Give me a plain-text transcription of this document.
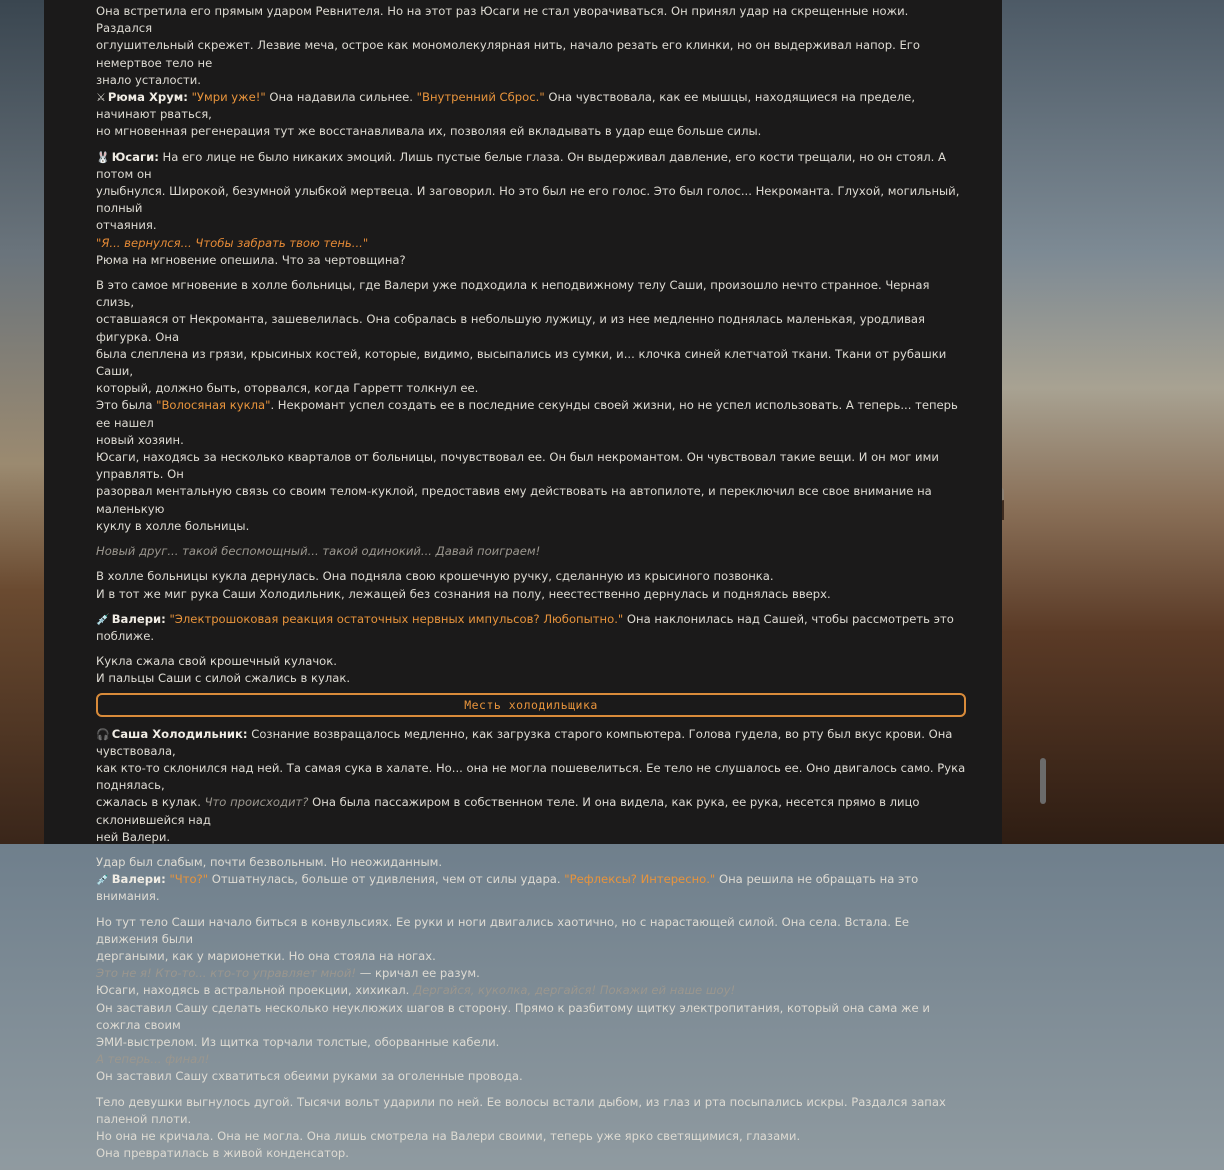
Она встретила его прямым ударом Ревнителя. Но на этот раз Юсаги не стал уворачиваться. Он принял удар на скрещенные ножи. Раздался
оглушительный скрежет. Лезвие меча, острое как мономолекулярная нить, начало резать его клинки, но он выдерживал напор. Его немертвое тело не
знало усталости.
⚔ Рюма Хрум: "Умри уже!" Она надавила сильнее. "Внутренний Сброс." Она чувствовала, как ее мышцы, находящиеся на пределе, начинают рваться,
но мгновенная регенерация тут же восстанавливала их, позволяя ей вкладывать в удар еще больше силы.

🐰 Юсаги: На его лице не было никаких эмоций. Лишь пустые белые глаза. Он выдерживал давление, его кости трещали, но он стоял. А потом он
улыбнулся. Широкой, безумной улыбкой мертвеца. И заговорил. Но это был не его голос. Это был голос... Некроманта. Глухой, могильный, полный
отчаяния.
"Я... вернулся... Чтобы забрать твою тень..."
Рюма на мгновение опешила. Что за чертовщина?

В это самое мгновение в холле больницы, где Валери уже подходила к неподвижному телу Саши, произошло нечто странное. Черная слизь,
оставшаяся от Некроманта, зашевелилась. Она собралась в небольшую лужицу, и из нее медленно поднялась маленькая, уродливая фигурка. Она
была слеплена из грязи, крысиных костей, которые, видимо, высыпались из сумки, и... клочка синей клетчатой ткани. Ткани от рубашки Саши,
который, должно быть, оторвался, когда Гарретт толкнул ее.
Это была "Волосяная кукла". Некромант успел создать ее в последние секунды своей жизни, но не успел использовать. А теперь... теперь ее нашел
новый хозяин.
Юсаги, находясь за несколько кварталов от больницы, почувствовал ее. Он был некромантом. Он чувствовал такие вещи. И он мог ими управлять. Он
разорвал ментальную связь со своим телом-куклой, предоставив ему действовать на автопилоте, и переключил все свое внимание на маленькую
куклу в холле больницы.

Новый друг... такой беспомощный... такой одинокий... Давай поиграем!

В холле больницы кукла дернулась. Она подняла свою крошечную ручку, сделанную из крысиного позвонка.
И в тот же миг рука Саши Холодильник, лежащей без сознания на полу, неестественно дернулась и поднялась вверх.

💉 Валери: "Электрошоковая реакция остаточных нервных импульсов? Любопытно." Она наклонилась над Сашей, чтобы рассмотреть это поближе.

Кукла сжала свой крошечный кулачок.
И пальцы Саши с силой сжались в кулак.

Месть холодильщика

🎧 Саша Холодильник: Сознание возвращалось медленно, как загрузка старого компьютера. Голова гудела, во рту был вкус крови. Она чувствовала,
как кто-то склонился над ней. Та самая сука в халате. Но... она не могла пошевелиться. Ее тело не слушалось ее. Оно двигалось само. Рука поднялась,
сжалась в кулак. Что происходит? Она была пассажиром в собственном теле. И она видела, как рука, ее рука, несется прямо в лицо склонившейся над
ней Валери.

Удар был слабым, почти безвольным. Но неожиданным.
💉 Валери: "Что?" Отшатнулась, больше от удивления, чем от силы удара. "Рефлексы? Интересно." Она решила не обращать на это внимания.

Но тут тело Саши начало биться в конвульсиях. Ее руки и ноги двигались хаотично, но с нарастающей силой. Она села. Встала. Ее движения были
дергаными, как у марионетки. Но она стояла на ногах.
Это не я! Кто-то... кто-то управляет мной! — кричал ее разум.
Юсаги, находясь в астральной проекции, хихикал. Дергайся, куколка, дергайся! Покажи ей наше шоу!
Он заставил Сашу сделать несколько неуклюжих шагов в сторону. Прямо к разбитому щитку электропитания, который она сама же и сожгла своим
ЭМИ-выстрелом. Из щитка торчали толстые, оборванные кабели.
А теперь... финал!
Он заставил Сашу схватиться обеими руками за оголенные провода.

Тело девушки выгнулось дугой. Тысячи вольт ударили по ней. Ее волосы встали дыбом, из глаз и рта посыпались искры. Раздался запах паленой плоти.
Но она не кричала. Она не могла. Она лишь смотрела на Валери своими, теперь уже ярко светящимися, глазами.
Она превратилась в живой конденсатор.
